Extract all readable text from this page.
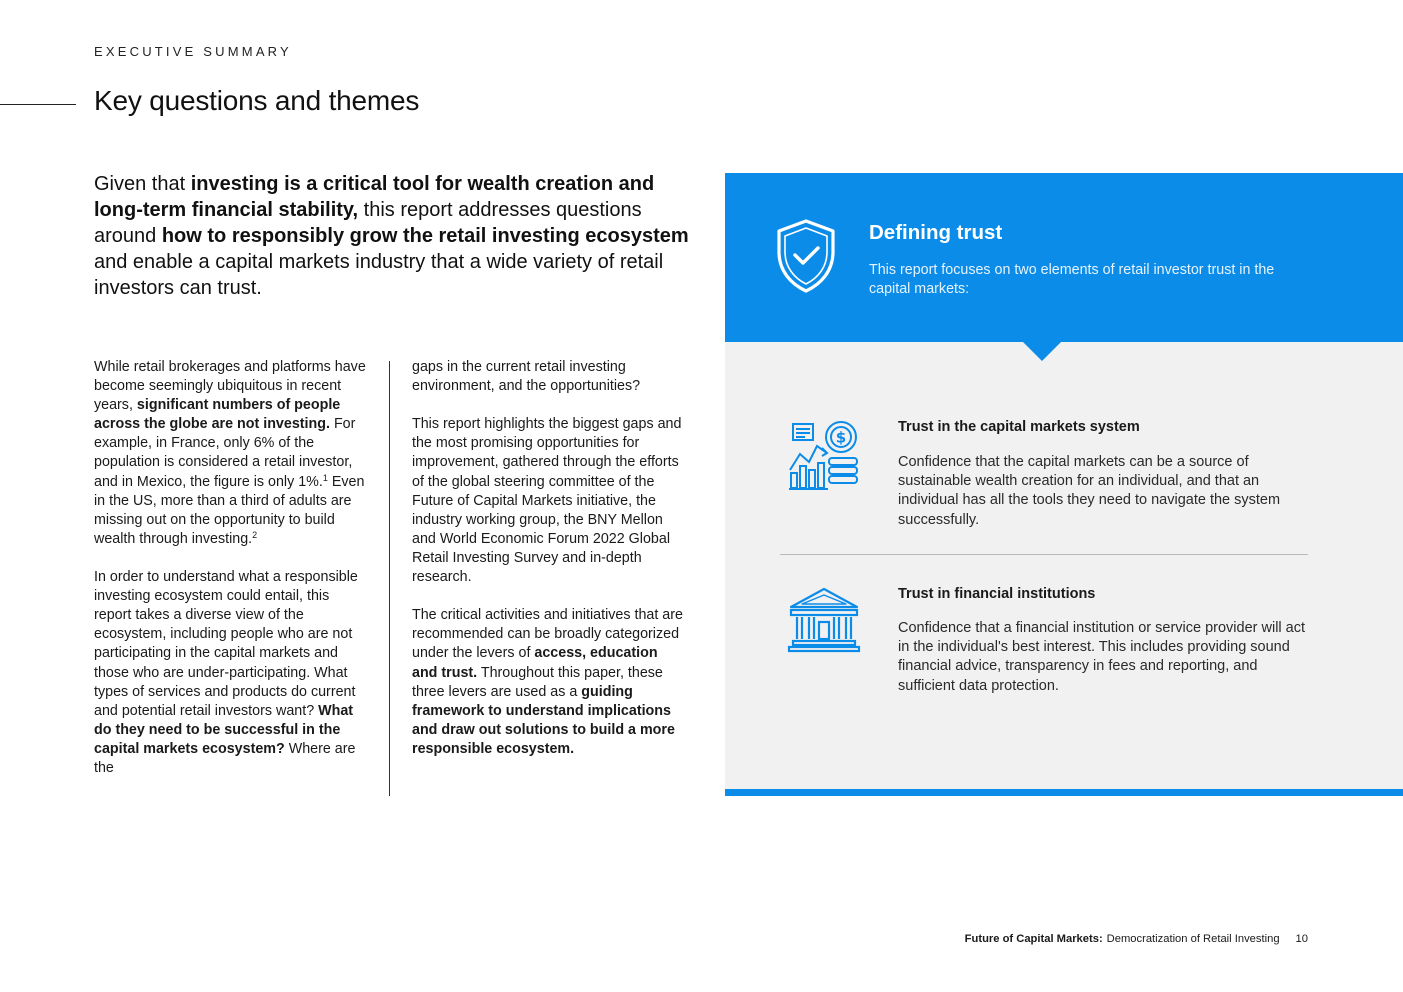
EXECUTIVE SUMMARY
Key questions and themes

Given that investing is a critical tool for wealth creation and long-term financial stability, this report addresses questions around how to responsibly grow the retail investing ecosystem and enable a capital markets industry that a wide variety of retail investors can trust.

While retail brokerages and platforms have become seemingly ubiquitous in recent years, significant numbers of people across the globe are not investing. For example, in France, only 6% of the population is considered a retail investor, and in Mexico, the figure is only 1%.$^1$ Even in the US, more than a third of adults are missing out on the opportunity to build wealth through investing.$^2$

In order to understand what a responsible investing ecosystem could entail, this report takes a diverse view of the ecosystem, including people who are not participating in the capital markets and those who are under-participating. What types of services and products do current and potential retail investors want? What do they need to be successful in the capital markets ecosystem? Where are the

gaps in the current retail investing environment, and the opportunities?

This report highlights the biggest gaps and the most promising opportunities for improvement, gathered through the efforts of the global steering committee of the Future of Capital Markets initiative, the industry working group, the BNY Mellon and World Economic Forum 2022 Global Retail Investing Survey and in-depth research.

The critical activities and initiatives that are recommended can be broadly categorized under the levers of access, education and trust. Throughout this paper, these three levers are used as a guiding framework to understand implications and draw out solutions to build a more responsible ecosystem.

Defining trust

This report focuses on two elements of retail investor trust in the capital markets:

$
Trust in the capital markets system

Confidence that the capital markets can be a source of sustainable wealth creation for an individual, and that an individual has all the tools they need to navigate the system successfully.

Trust in financial institutions

Confidence that a financial institution or service provider will act in the individual's best interest. This includes providing sound financial advice, transparency in fees and reporting, and sufficient data protection.

Future of Capital Markets: Democratization of Retail Investing 10
